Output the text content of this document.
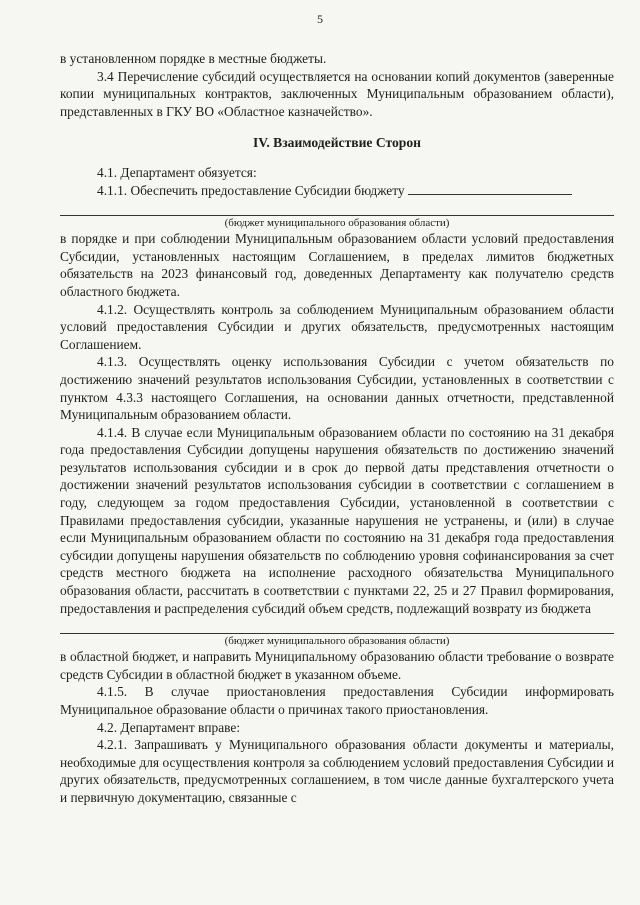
5

в установленном порядке в местные бюджеты.

3.4 Перечисление субсидий осуществляется на основании копий документов (заверенные копии муниципальных контрактов, заключенных Муниципальным образованием области), представленных в ГКУ ВО «Областное казначейство».

IV. Взаимодействие Сторон

4.1. Департамент обязуется:

4.1.1. Обеспечить предоставление Субсидии бюджету

(бюджет муниципального образования области)

в порядке и при соблюдении Муниципальным образованием области условий предоставления Субсидии, установленных настоящим Соглашением, в пределах лимитов бюджетных обязательств на 2023 финансовый год, доведенных Департаменту как получателю средств областного бюджета.

4.1.2. Осуществлять контроль за соблюдением Муниципальным образованием области условий предоставления Субсидии и других обязательств, предусмотренных настоящим Соглашением.

4.1.3. Осуществлять оценку использования Субсидии с учетом обязательств по достижению значений результатов использования Субсидии, установленных в соответствии с пунктом 4.3.3 настоящего Соглашения, на основании данных отчетности, представленной Муниципальным образованием области.

4.1.4. В случае если Муниципальным образованием области по состоянию на 31 декабря года предоставления Субсидии допущены нарушения обязательств по достижению значений результатов использования субсидии и в срок до первой даты представления отчетности о достижении значений результатов использования субсидии в соответствии с соглашением в году, следующем за годом предоставления Субсидии, установленной в соответствии с Правилами предоставления субсидии, указанные нарушения не устранены, и (или) в случае если Муниципальным образованием области по состоянию на 31 декабря года предоставления субсидии допущены нарушения обязательств по соблюдению уровня софинансирования за счет средств местного бюджета на исполнение расходного обязательства Муниципального образования области, рассчитать в соответствии с пунктами 22, 25 и 27 Правил формирования, предоставления и распределения субсидий объем средств, подлежащий возврату из бюджета

(бюджет муниципального образования области)

в областной бюджет, и направить Муниципальному образованию области требование о возврате средств Субсидии в областной бюджет в указанном объеме.

4.1.5. В случае приостановления предоставления Субсидии информировать Муниципальное образование области о причинах такого приостановления.

4.2. Департамент вправе:

4.2.1. Запрашивать у Муниципального образования области документы и материалы, необходимые для осуществления контроля за соблюдением условий предоставления Субсидии и других обязательств, предусмотренных соглашением, в том числе данные бухгалтерского учета и первичную документацию, связанные с
